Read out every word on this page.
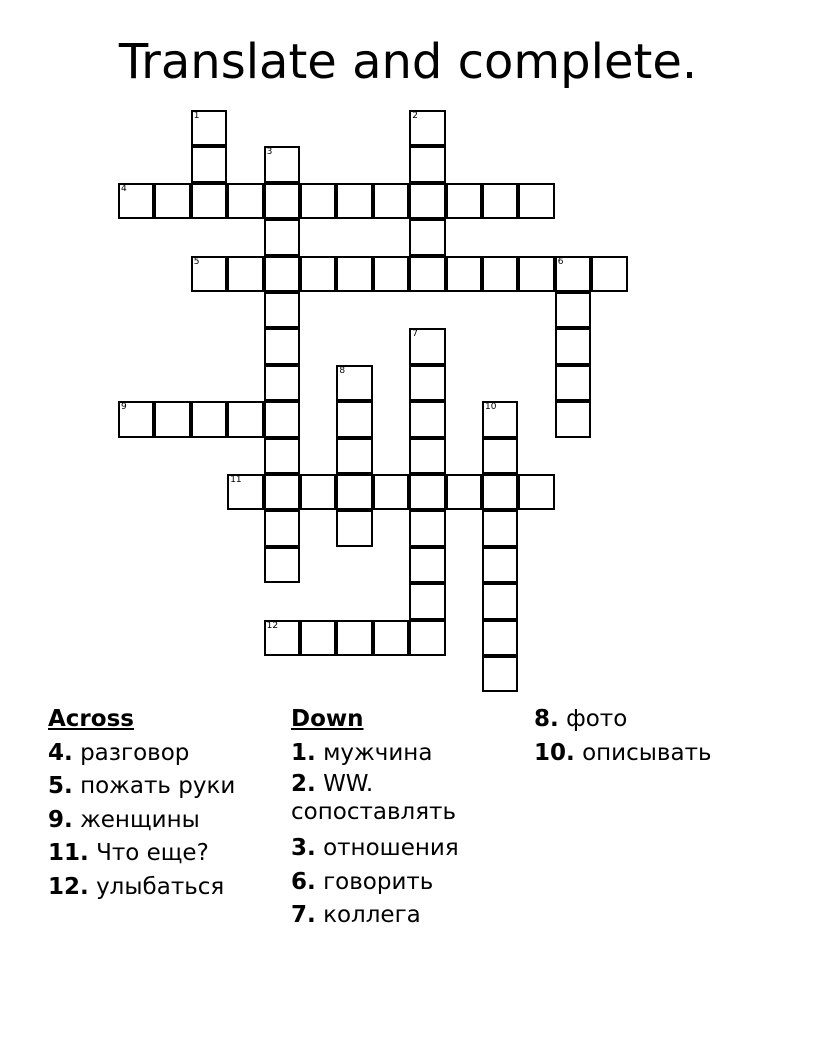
Translate and complete.
1	2
3
4
5	6
7
8
9	10
11
12
Across
4. разговор
5. пожать руки
9. женщины
11. Что еще?
12. улыбаться
Down
1. мужчина
2. WW. сопоставлять
3. отношения
6. говорить
7. коллега
8. фото
10. описывать
